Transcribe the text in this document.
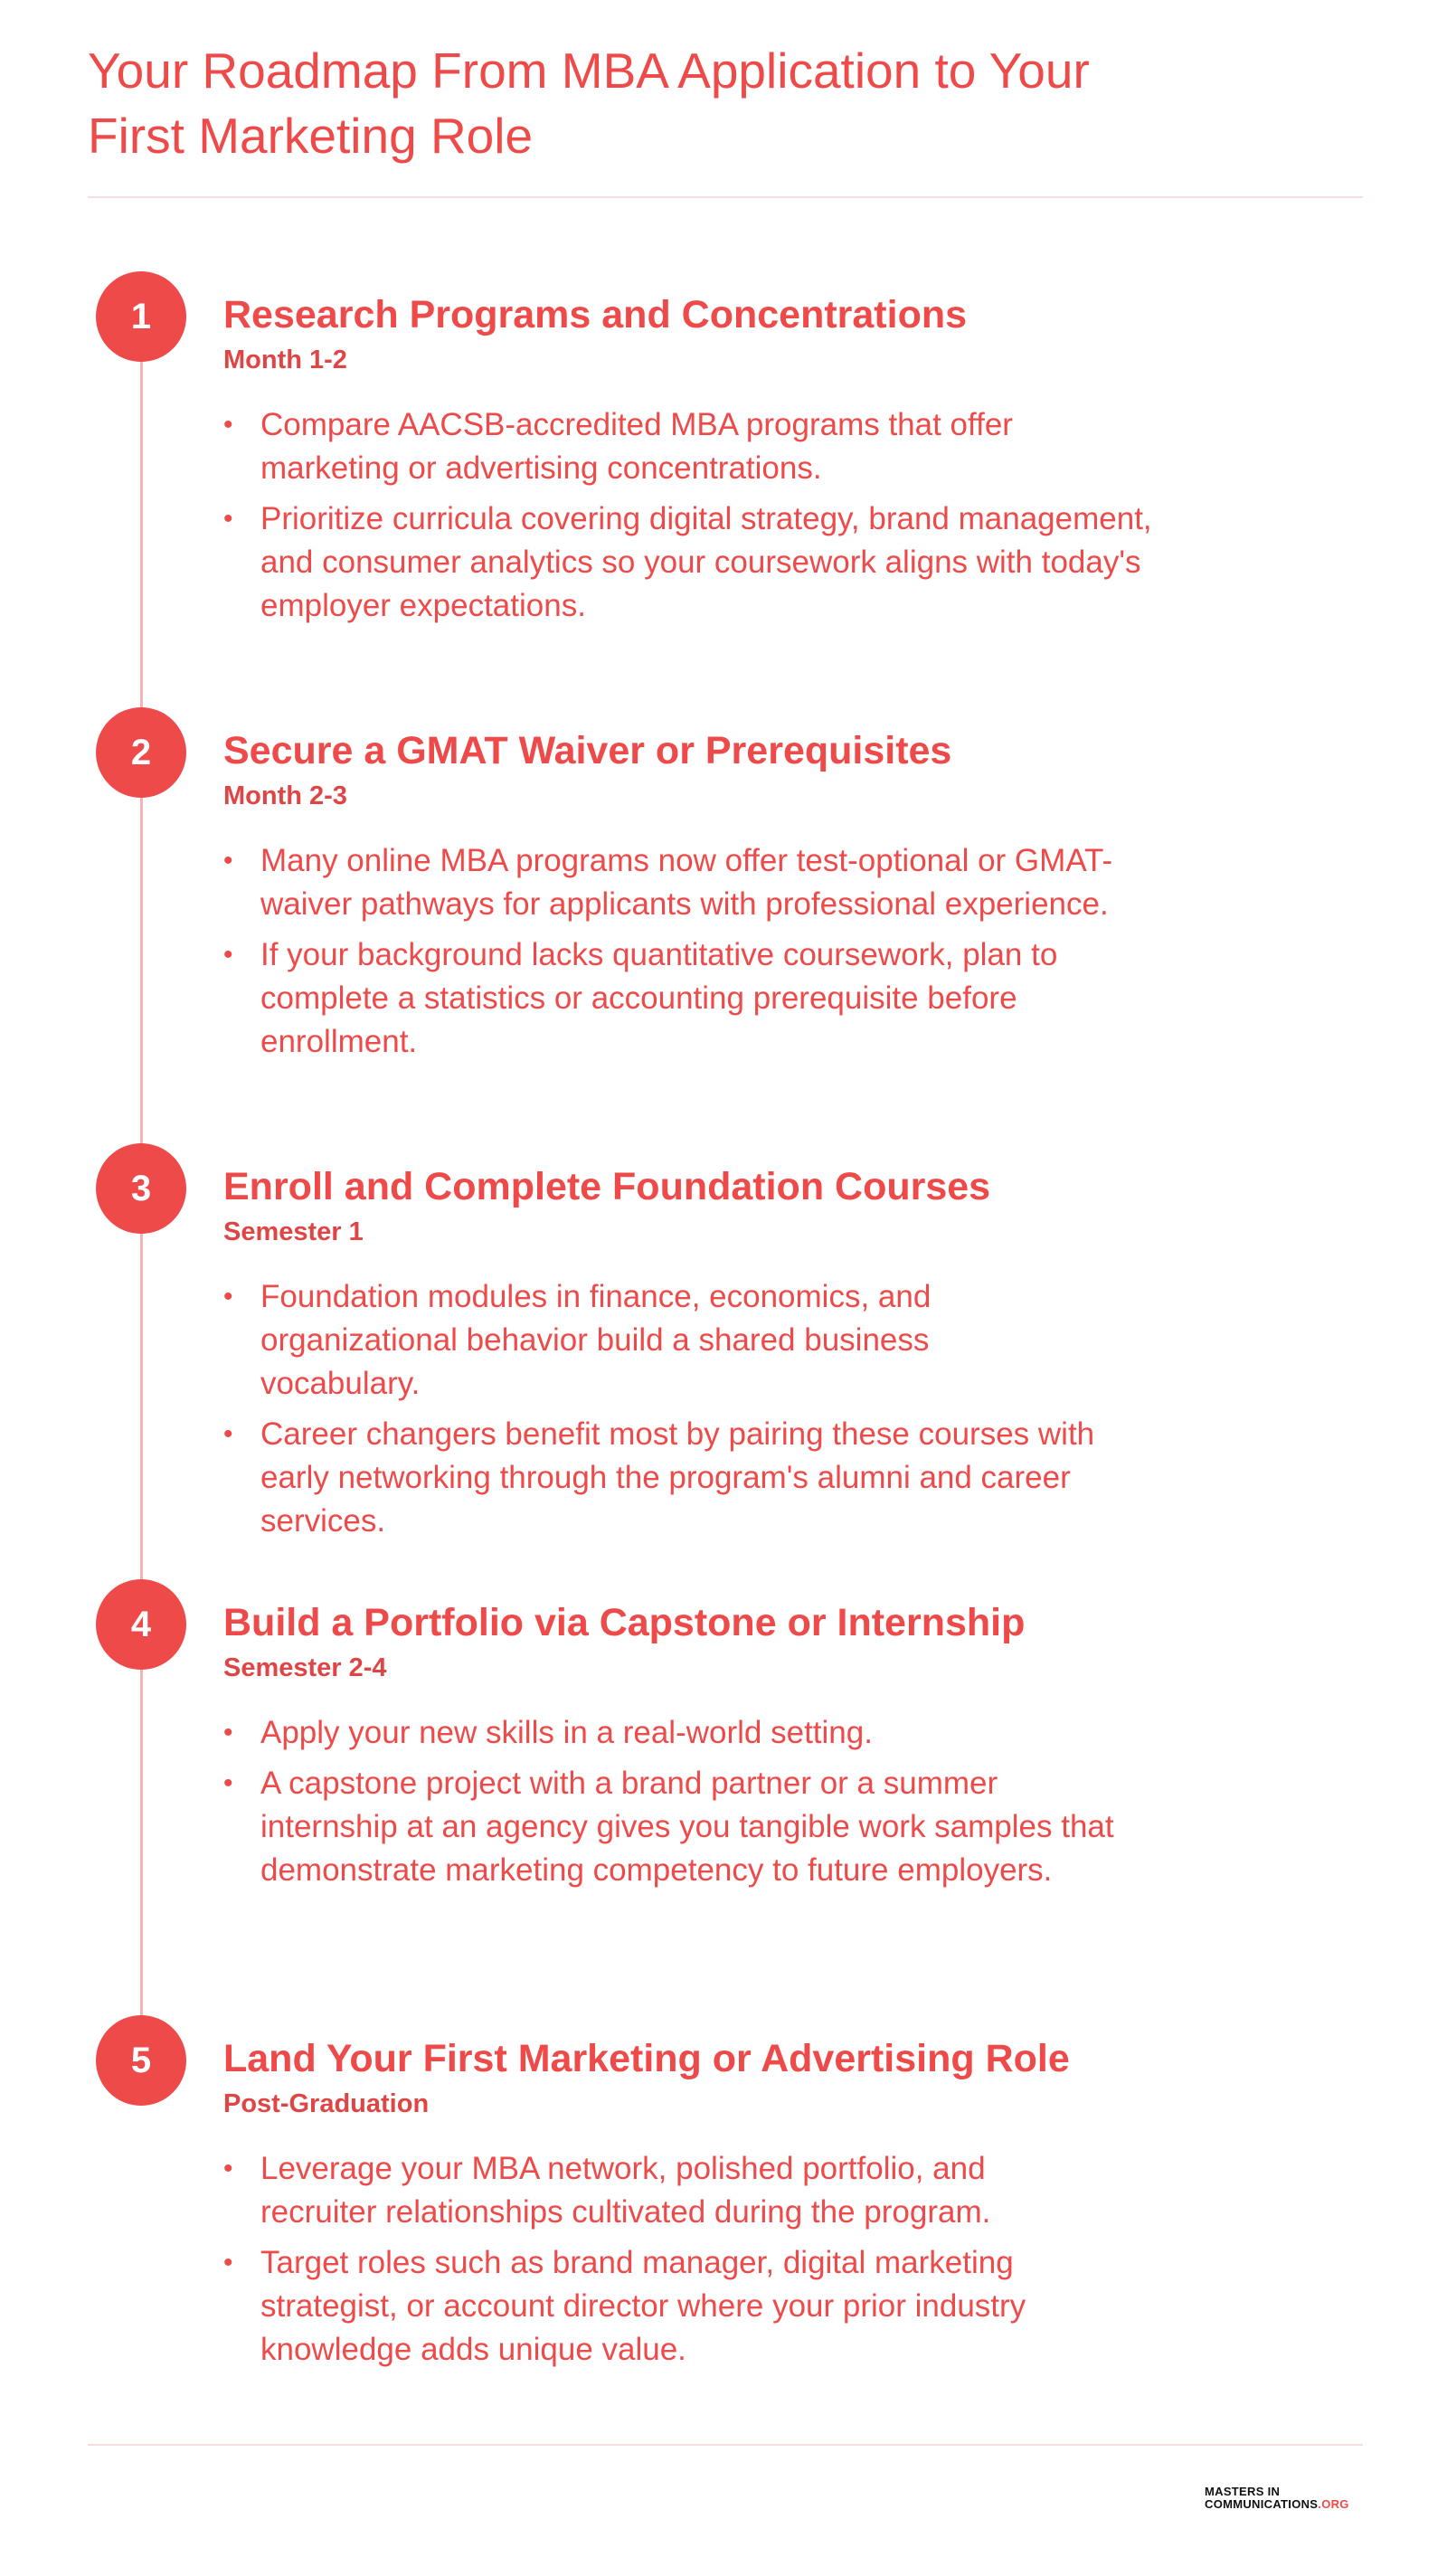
Your Roadmap From MBA Application to Your
First Marketing Role
1	Research Programs and Concentrations

Month 1-2

• Compare AACSB-accredited MBA programs that offer marketing or advertising concentrations.
• Prioritize curricula covering digital strategy, brand management, and consumer analytics so your coursework aligns with today's employer expectations.
2	Secure a GMAT Waiver or Prerequisites

Month 2-3

• Many online MBA programs now offer test-optional or GMAT-waiver pathways for applicants with professional experience.
• If your background lacks quantitative coursework, plan to complete a statistics or accounting prerequisite before enrollment.
3	Enroll and Complete Foundation Courses

Semester 1

• Foundation modules in finance, economics, and organizational behavior build a shared business vocabulary.
• Career changers benefit most by pairing these courses with early networking through the program's alumni and career services.
4	Build a Portfolio via Capstone or Internship

Semester 2-4

• Apply your new skills in a real-world setting.
• A capstone project with a brand partner or a summer internship at an agency gives you tangible work samples that demonstrate marketing competency to future employers.
5	Land Your First Marketing or Advertising Role

Post-Graduation

• Leverage your MBA network, polished portfolio, and recruiter relationships cultivated during the program.
• Target roles such as brand manager, digital marketing strategist, or account director where your prior industry knowledge adds unique value.
MASTERS IN
COMMUNICATIONS.ORG
